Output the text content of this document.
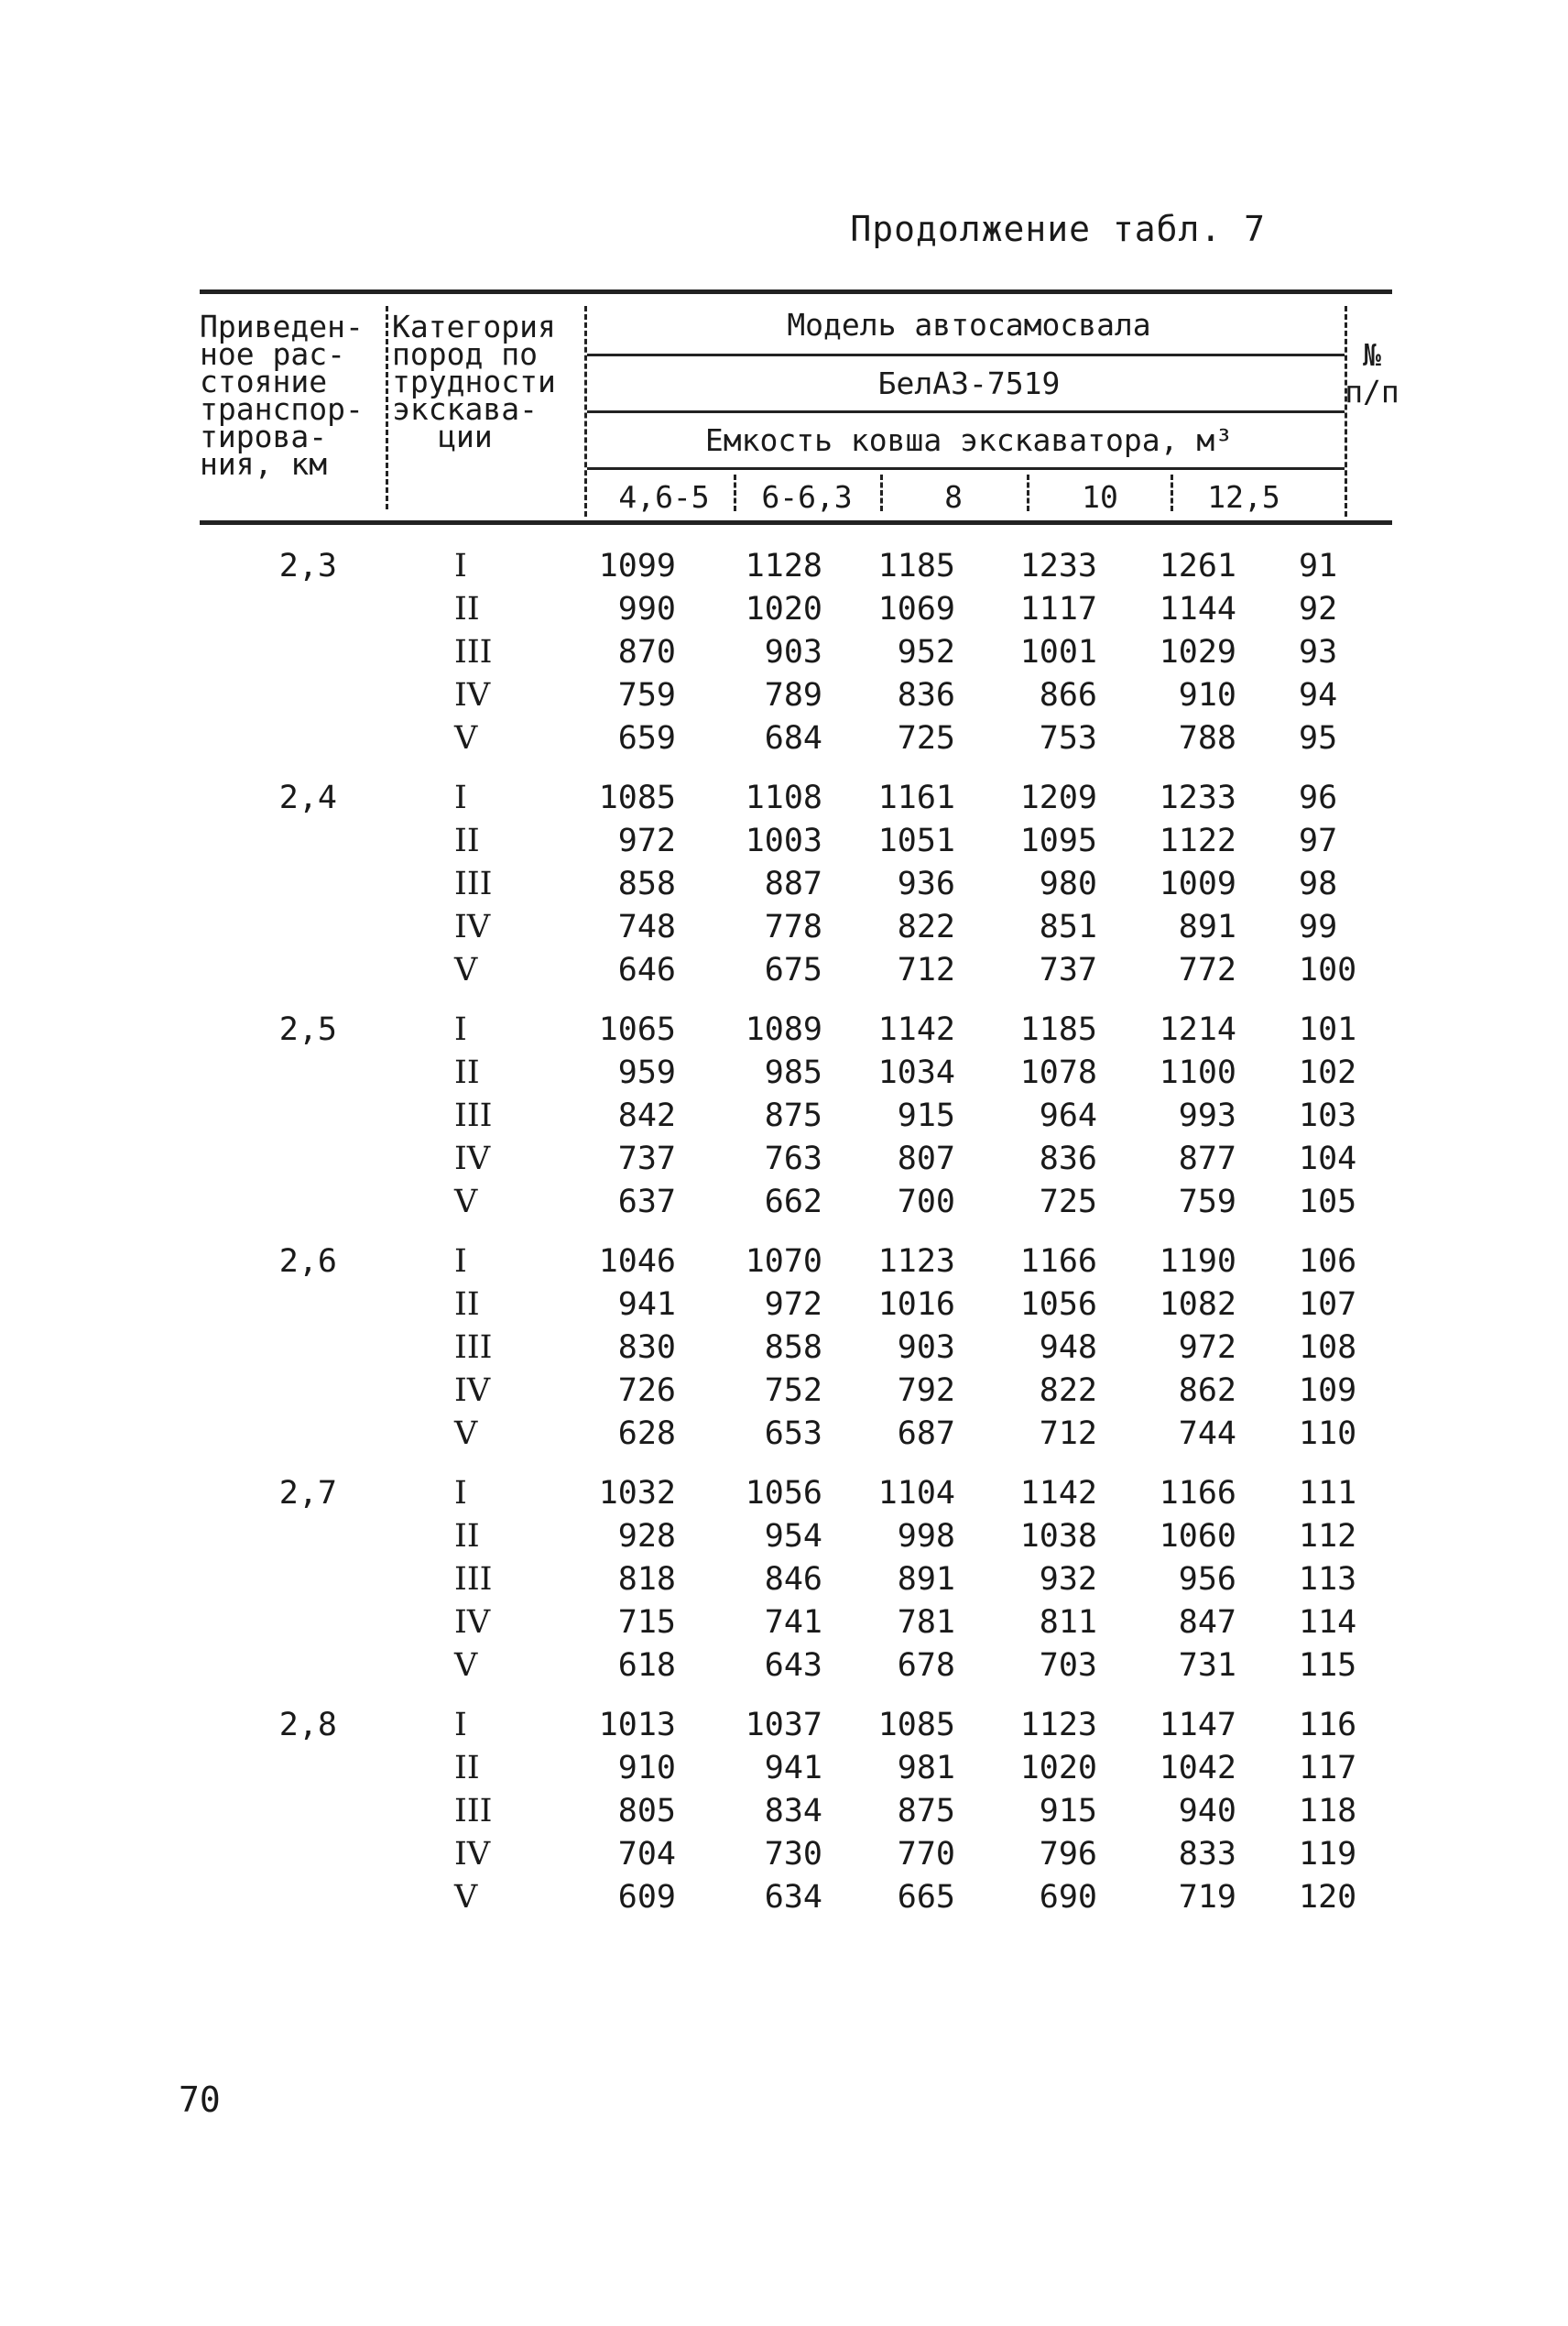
Продолжение табл. 7
Приведен-
ное рас-
стояние
транспор-
тирова-
ния, км
Категория
пород по
трудности
экскава-
ции
Модель автосамосвала
БелАЗ-7519
Емкость ковша экскаватора, м³
4,6-5	6-6,3	8	10	12,5
№
п/п
2,3	I	1099	1128	1185	1233	1261 91
II	990	1020	1069	1117	1144 92
III	870	903	952	1001	1029 93
IV	759	789	836	866	910 94
V	659	684	725	753	788 95
2,4	I	1085	1108	1161	1209	1233 96
II	972	1003	1051	1095	1122 97
III	858	887	936	980	1009 98
IV	748	778	822	851	891 99
V	646	675	712	737	772 100
2,5	I	1065	1089	1142	1185	1214 101
II	959	985	1034	1078	1100 102
III	842	875	915	964	993 103
IV	737	763	807	836	877 104
V	637	662	700	725	759 105
2,6	I	1046	1070	1123	1166	1190 106
II	941	972	1016	1056	1082 107
III	830	858	903	948	972 108
IV	726	752	792	822	862 109
V	628	653	687	712	744 110
2,7	I	1032	1056	1104	1142	1166 111
II	928	954	998	1038	1060 112
III	818	846	891	932	956 113
IV	715	741	781	811	847 114
V	618	643	678	703	731 115
2,8	I	1013	1037	1085	1123	1147 116
II	910	941	981	1020	1042 117
III	805	834	875	915	940 118
IV	704	730	770	796	833 119
V	609	634	665	690	719 120
70
